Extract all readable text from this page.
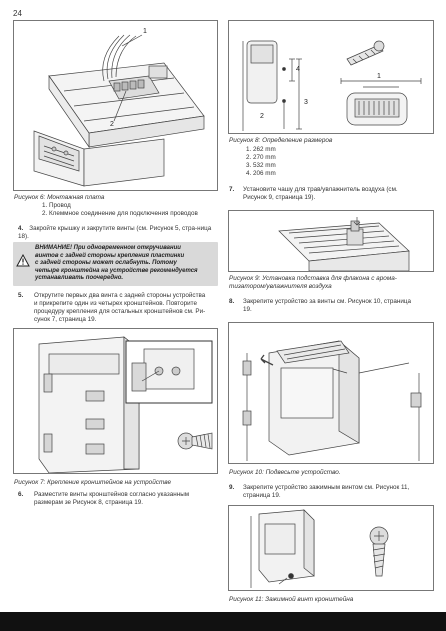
24
1
2
Рисунок 6: Монтажная плата
1. Провод
2. Клеммное соединение для подключения проводов
4. Закройте крышку и закрутите винты (см. Рисунок 5, стра-ница 18).
ВНИМАНИЕ! При одновременном откручивании
винтов с задней стороны крепления пластинки
с задней стороны может ослабнуть. Потому
четыре кронштейна на устройстве рекомендуется
устанавливать поочередно.
5. Открутите первых два винта с задней стороны устройства
и прикрепите один из четырех кронштейнов. Повторите
процедуру крепления для остальных кронштейнов см. Ри-
сунок 7, страница 19.
Рисунок 7: Крепление кронштейнов на устройстве
6. Разместите винты кронштейнов согласно указанным
размерам зе Рисунок 8, страница 19.
1
2
3
4
Рисунок 8: Определение размеров
1. 262 mm
2. 270 mm
3. 532 mm
4. 206 mm
7. Установите чашу для трав/увлажнитель воздуха (см.
Рисунок 9, страница 19).
Рисунок 9: Установка подставка для флакона с арома-
тизатором/увлажнителя воздуха
8. Закрепите устройство за винты см. Рисунок 10, страница
19.
Рисунок 10: Подвесьте устройство.
9. Закрепите устройство зажимным винтом см. Рисунок 11,
страница 19.
Рисунок 11: Зажимной винт кронштейна
